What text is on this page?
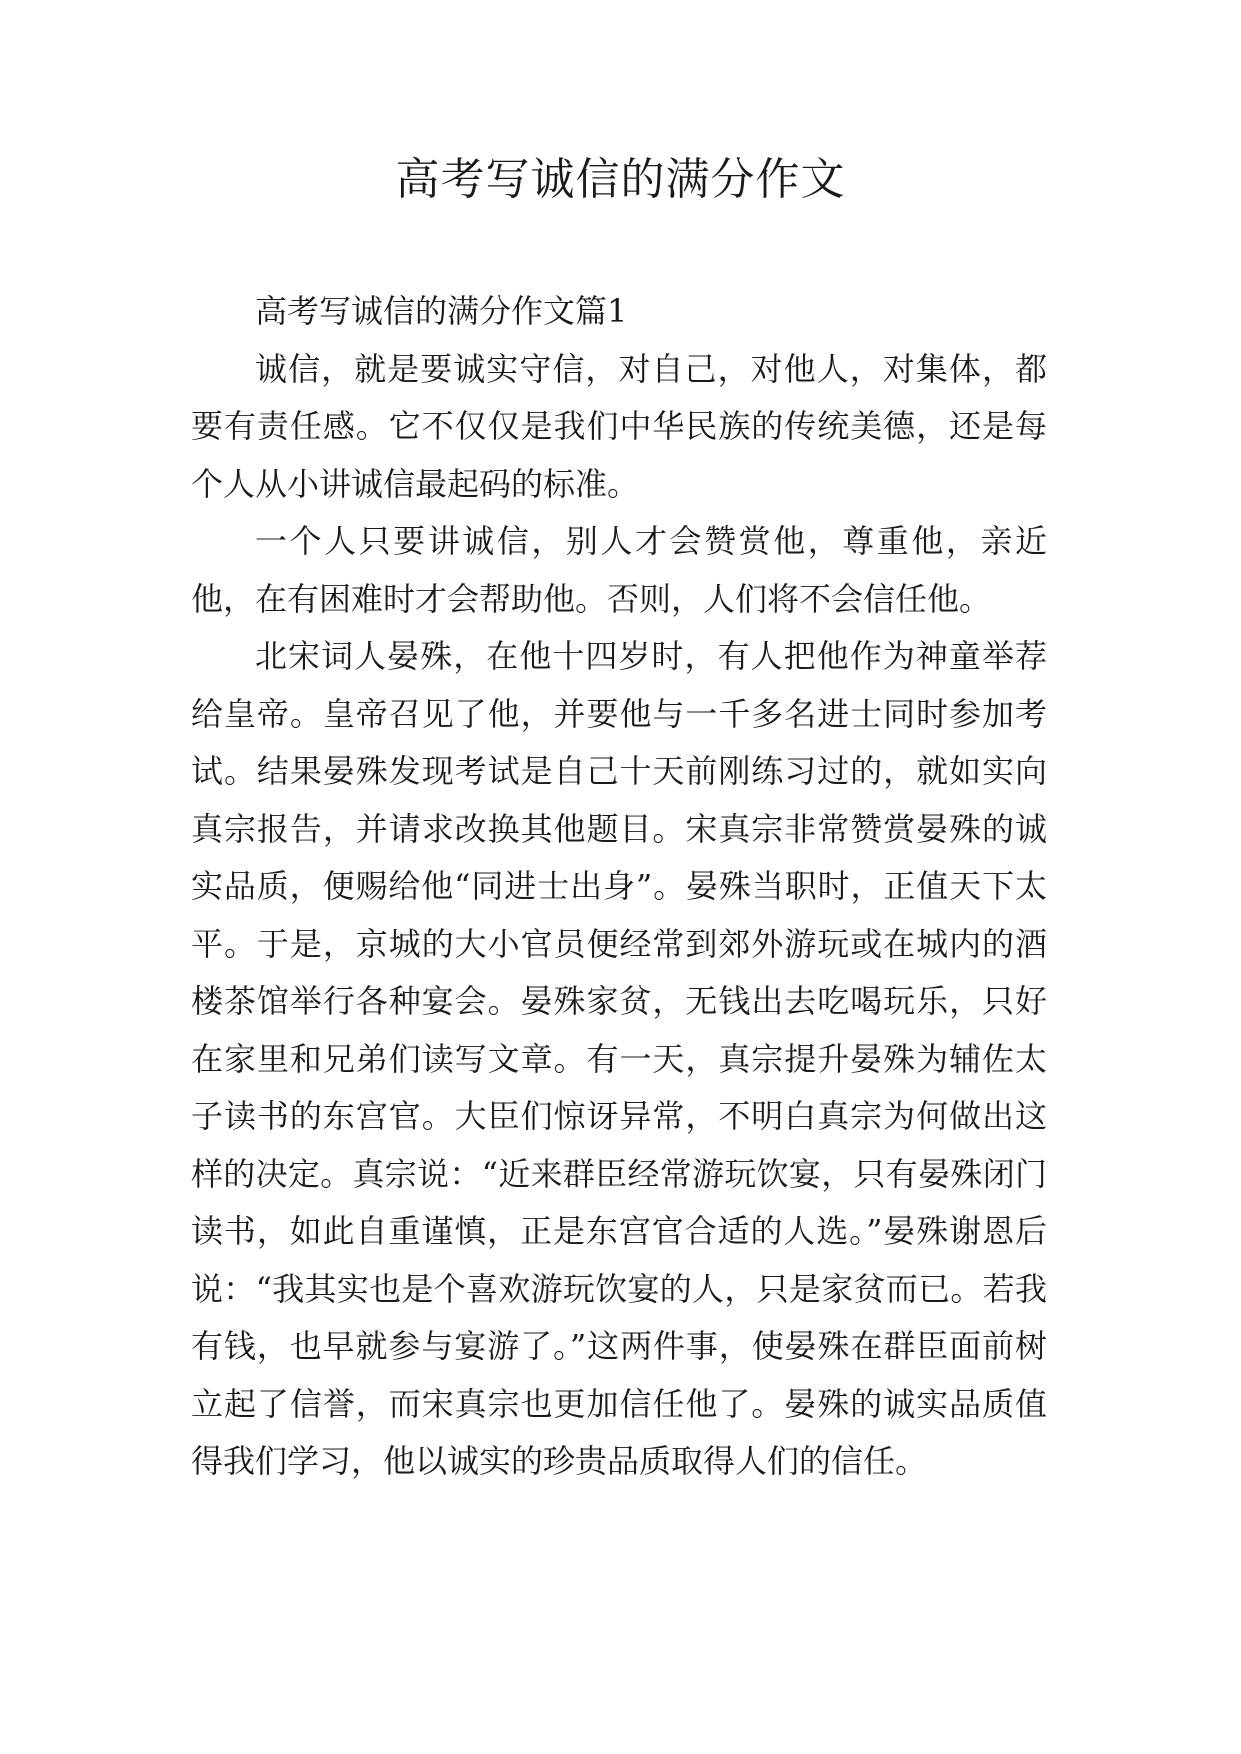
高考写诚信的满分作文

高考写诚信的满分作文篇1

诚信，就是要诚实守信，对自己，对他人，对集体，都要有责任感。它不仅仅是我们中华民族的传统美德，还是每个人从小讲诚信最起码的标准。

一个人只要讲诚信，别人才会赞赏他，尊重他，亲近他，在有困难时才会帮助他。否则，人们将不会信任他。

北宋词人晏殊，在他十四岁时，有人把他作为神童举荐给皇帝。皇帝召见了他，并要他与一千多名进士同时参加考试。结果晏殊发现考试是自己十天前刚练习过的，就如实向真宗报告，并请求改换其他题目。宋真宗非常赞赏晏殊的诚实品质，便赐给他“同进士出身”。晏殊当职时，正值天下太平。于是，京城的大小官员便经常到郊外游玩或在城内的酒楼茶馆举行各种宴会。晏殊家贫，无钱出去吃喝玩乐，只好在家里和兄弟们读写文章。有一天，真宗提升晏殊为辅佐太子读书的东宫官。大臣们惊讶异常，不明白真宗为何做出这样的决定。真宗说：“近来群臣经常游玩饮宴，只有晏殊闭门读书，如此自重谨慎，正是东宫官合适的人选。”晏殊谢恩后说：“我其实也是个喜欢游玩饮宴的人，只是家贫而已。若我有钱，也早就参与宴游了。”这两件事，使晏殊在群臣面前树立起了信誉，而宋真宗也更加信任他了。晏殊的诚实品质值得我们学习，他以诚实的珍贵品质取得人们的信任。
